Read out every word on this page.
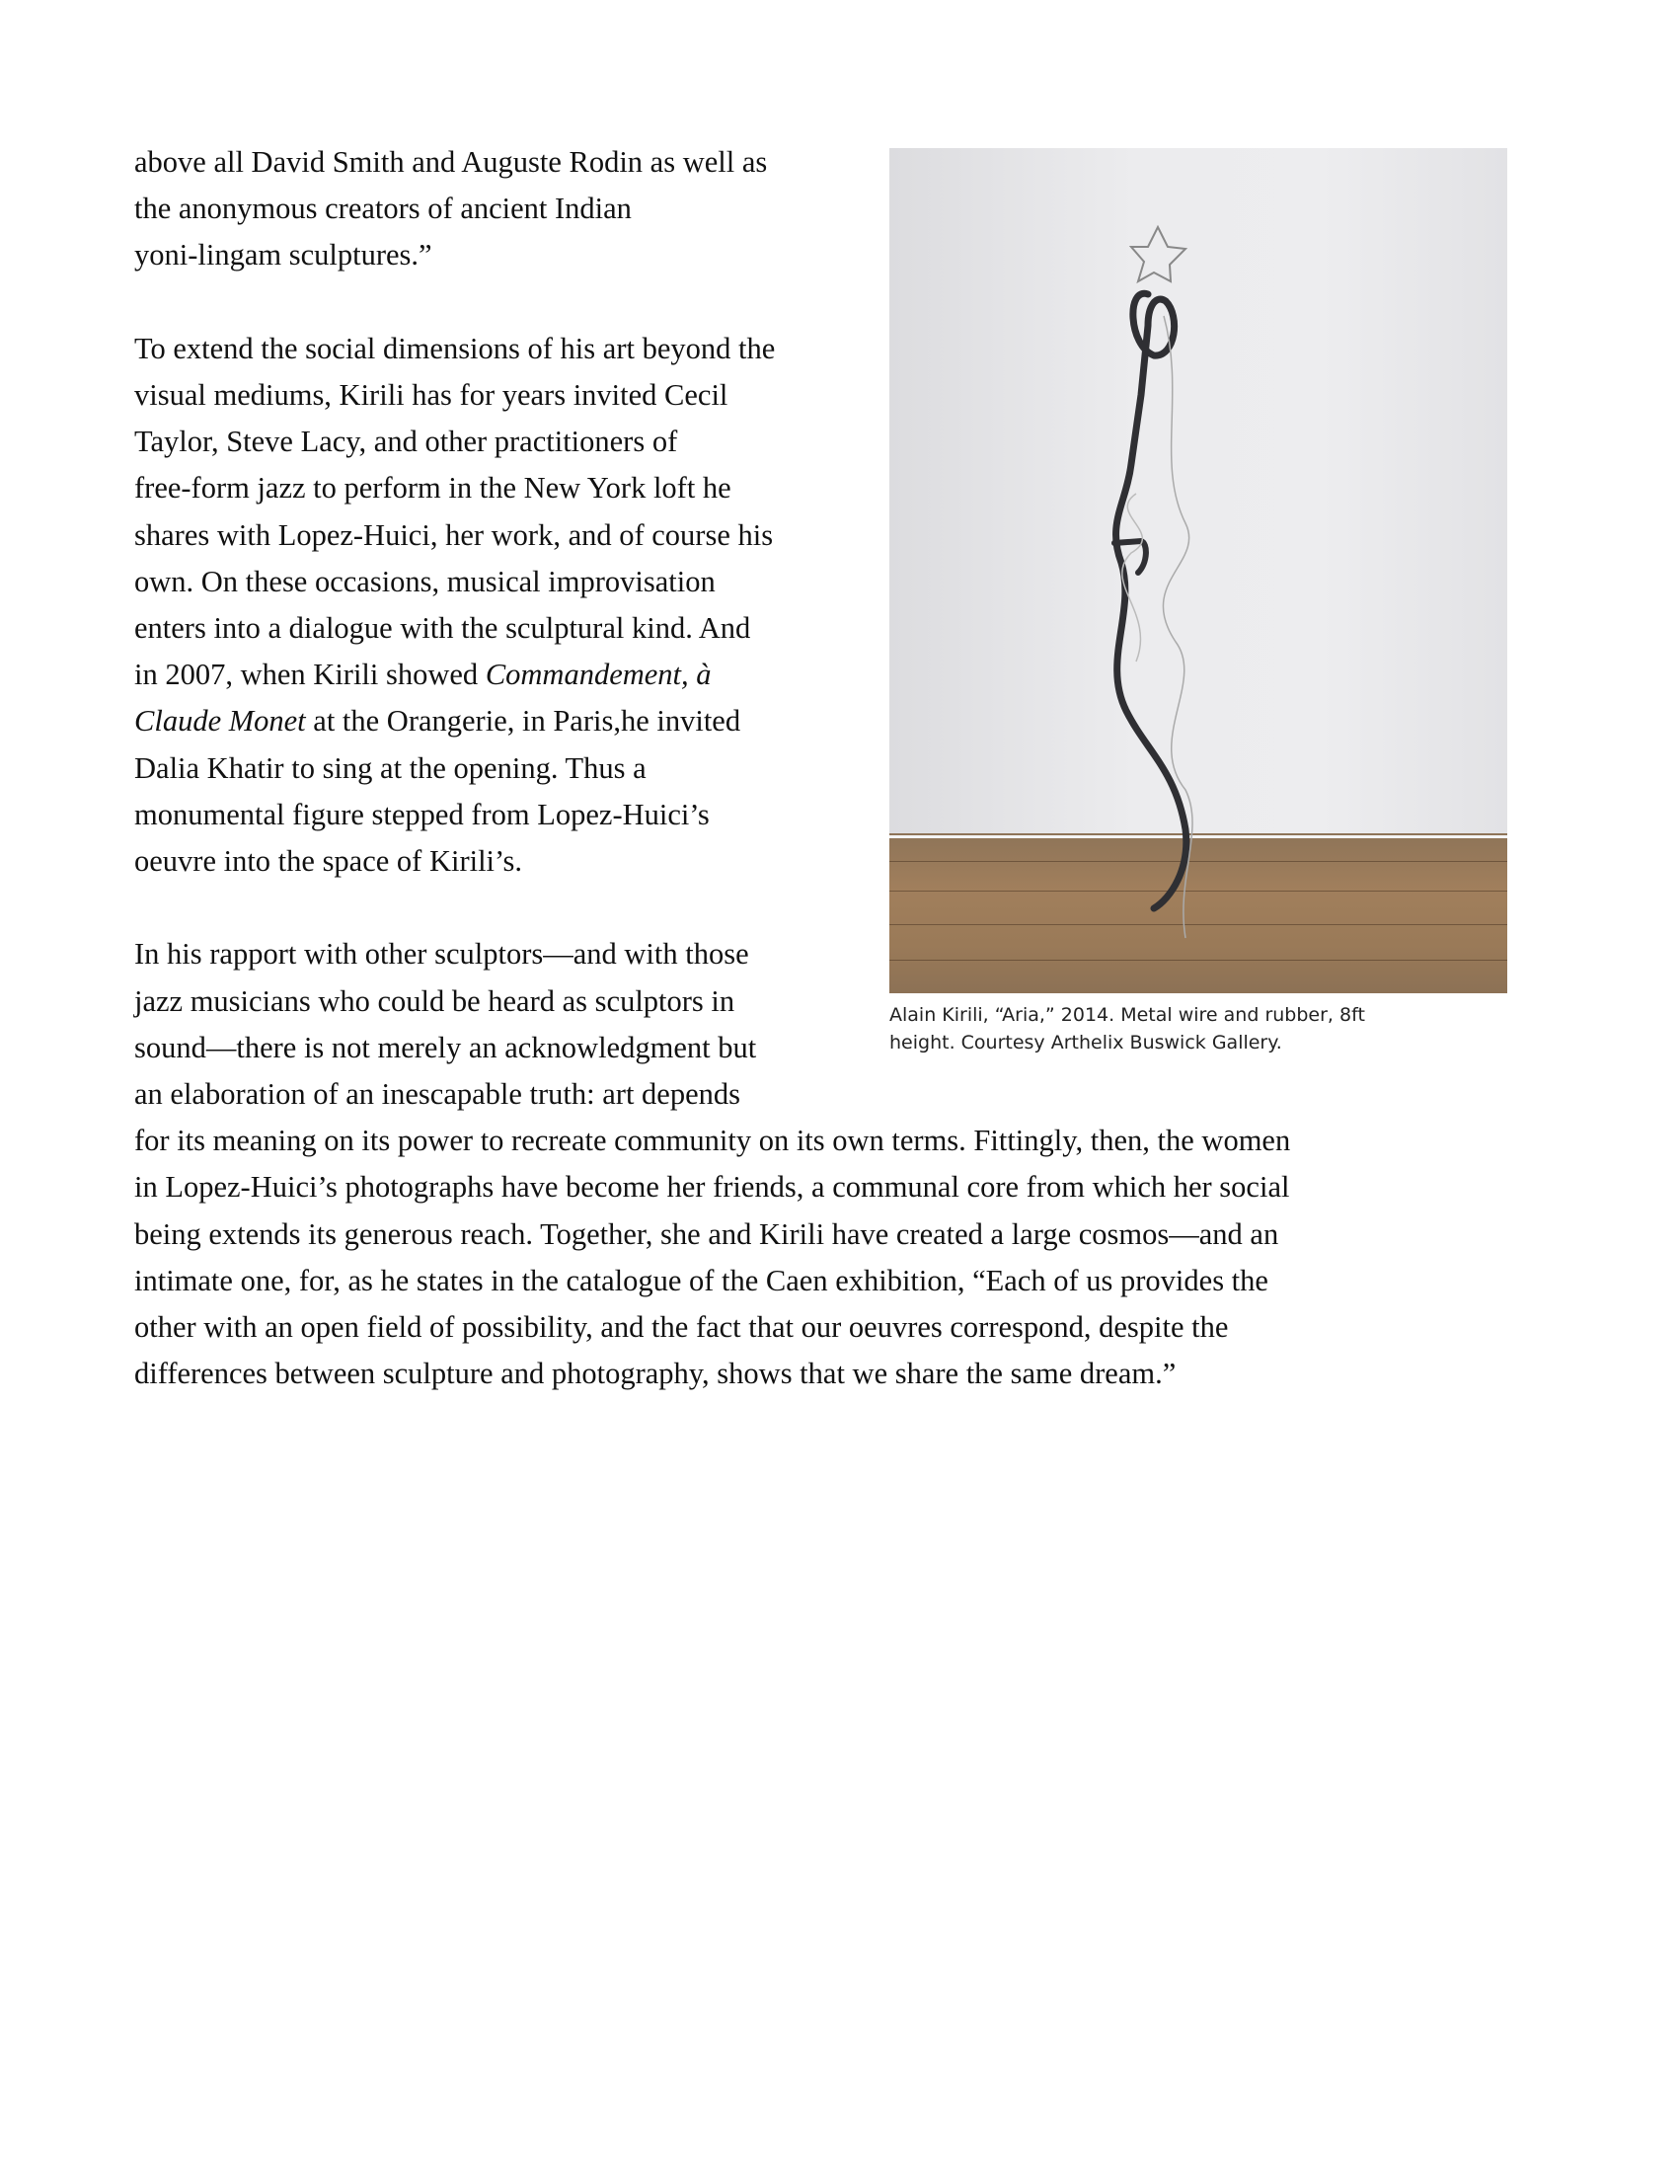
above all David Smith and Auguste Rodin as well as
the anonymous creators of ancient Indian
yoni-lingam sculptures.”
To extend the social dimensions of his art beyond the
visual mediums, Kirili has for years invited Cecil
Taylor, Steve Lacy, and other practitioners of
free-form jazz to perform in the New York loft he
shares with Lopez-Huici, her work, and of course his
own. On these occasions, musical improvisation
enters into a dialogue with the sculptural kind. And
in 2007, when Kirili showed Commandement, à
Claude Monet at the Orangerie, in Paris,he invited
Dalia Khatir to sing at the opening. Thus a
monumental figure stepped from Lopez-Huici’s
oeuvre into the space of Kirili’s.
In his rapport with other sculptors—and with those
jazz musicians who could be heard as sculptors in
sound—there is not merely an acknowledgment but
an elaboration of an inescapable truth: art depends
for its meaning on its power to recreate community on its own terms. Fittingly, then, the women
in Lopez-Huici’s photographs have become her friends, a communal core from which her social
being extends its generous reach. Together, she and Kirili have created a large cosmos—and an
intimate one, for, as he states in the catalogue of the Caen exhibition, “Each of us provides the
other with an open field of possibility, and the fact that our oeuvres correspond, despite the
differences between sculpture and photography, shows that we share the same dream.”
Alain Kirili, “Aria,” 2014. Metal wire and rubber, 8ft
height. Courtesy Arthelix Buswick Gallery.
